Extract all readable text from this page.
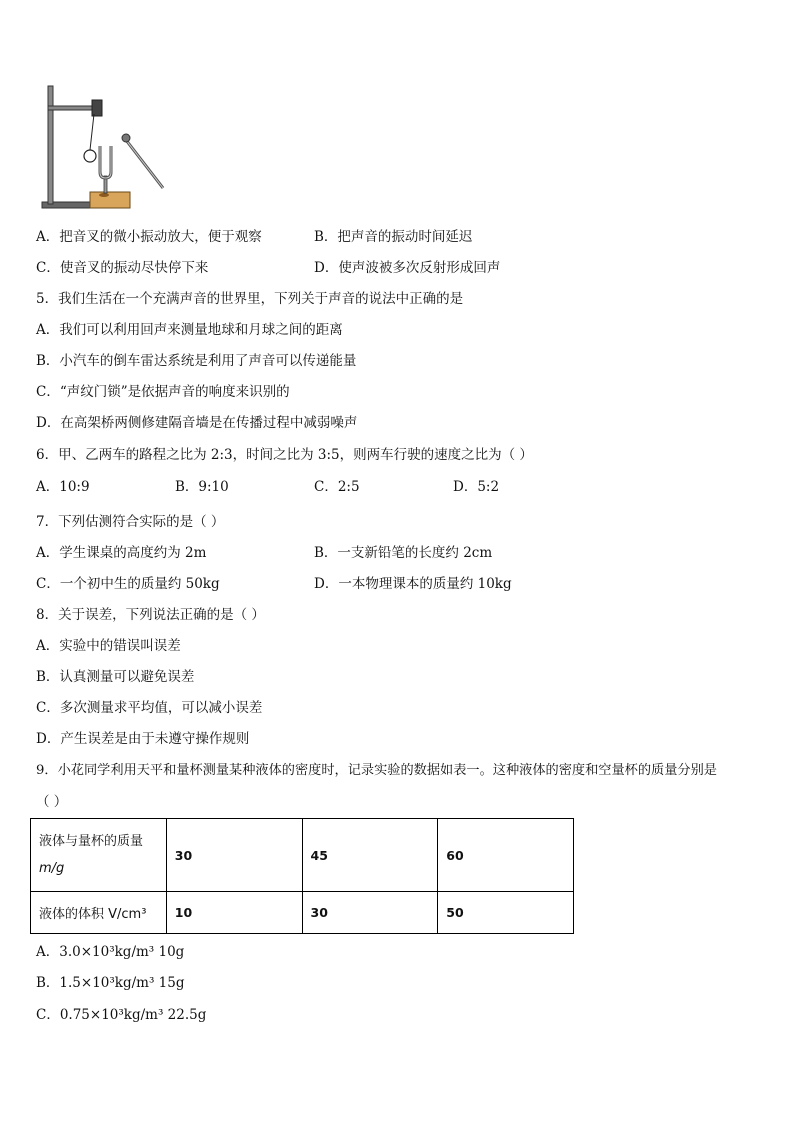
A．把音叉的微小振动放大，便于观察	B．把声音的振动时间延迟
C．使音叉的振动尽快停下来	D．使声波被多次反射形成回声
5．我们生活在一个充满声音的世界里，下列关于声音的说法中正确的是
A．我们可以利用回声来测量地球和月球之间的距离
B．小汽车的倒车雷达系统是利用了声音可以传递能量
C．“声纹门锁”是依据声音的响度来识别的
D．在高架桥两侧修建隔音墙是在传播过程中减弱噪声
6．甲、乙两车的路程之比为 2:3，时间之比为 3:5，则两车行驶的速度之比为（ ）
A．10:9	B．9:10	C．2:5	D．5:2
7．下列估测符合实际的是（ ）
A．学生课桌的高度约为 2m	B．一支新铅笔的长度约 2cm
C．一个初中生的质量约 50kg	D．一本物理课本的质量约 10kg
8．关于误差，下列说法正确的是（ ）
A．实验中的错误叫误差
B．认真测量可以避免误差
C．多次测量求平均值，可以减小误差
D．产生误差是由于未遵守操作规则
9．小花同学利用天平和量杯测量某种液体的密度时，记录实验的数据如表一。这种液体的密度和空量杯的质量分别是
（ ）
液体与量杯的质量
m/g	30	45	60
液体的体积 V/cm³	10	30	50
A．3.0×10³kg/m³ 10g
B．1.5×10³kg/m³ 15g
C．0.75×10³kg/m³ 22.5g
